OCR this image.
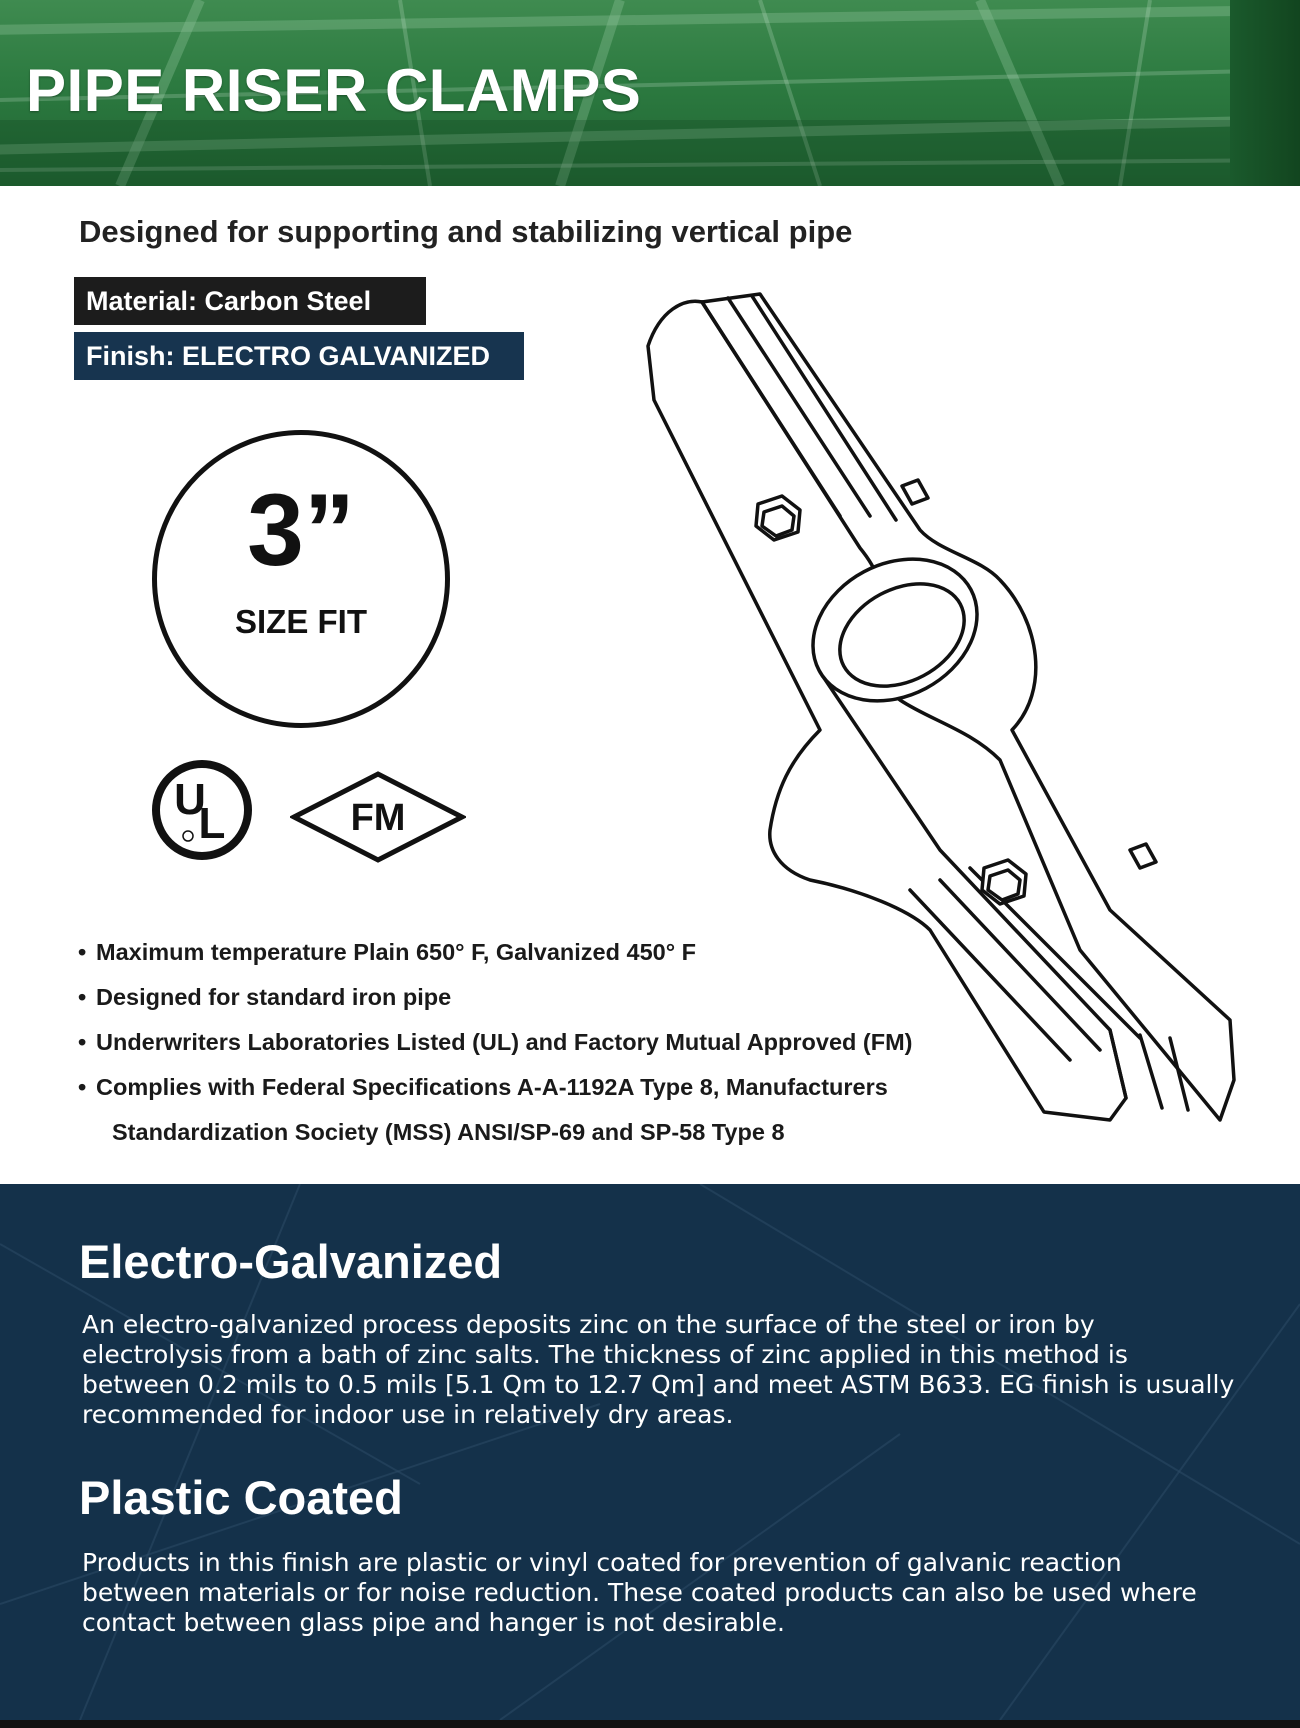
PIPE RISER CLAMPS
Designed for supporting and stabilizing vertical pipe
Material: Carbon Steel
Finish: ELECTRO GALVANIZED
3”
SIZE FIT
UL	FM
• Maximum temperature Plain 650° F, Galvanized 450° F
• Designed for standard iron pipe
• Underwriters Laboratories Listed (UL) and Factory Mutual Approved (FM)
• Complies with Federal Specifications A-A-1192A Type 8, Manufacturers
Standardization Society (MSS) ANSI/SP-69 and SP-58 Type 8
Electro-Galvanized

An electro-galvanized process deposits zinc on the surface of the steel or iron by
electrolysis from a bath of zinc salts. The thickness of zinc applied in this method is
between 0.2 mils to 0.5 mils [5.1 Qm to 12.7 Qm] and meet ASTM B633. EG finish is usually
recommended for indoor use in relatively dry areas.

Plastic Coated

Products in this finish are plastic or vinyl coated for prevention of galvanic reaction
between materials or for noise reduction. These coated products can also be used where
contact between glass pipe and hanger is not desirable.
